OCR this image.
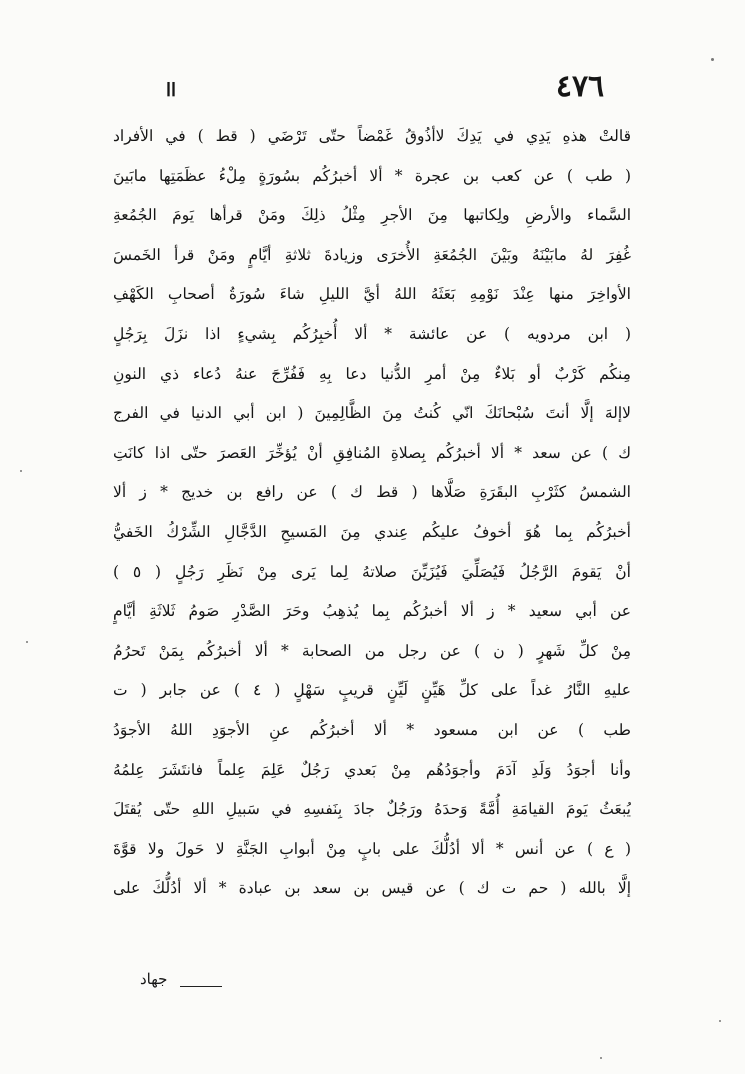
٤٧٦
اا
قالتْ هذهِ يَدِي في يَدِكَ لاأذُوقُ غَمْضاً حتّى تَرْضَي ( قط ) في الأفراد
( طب ) عن كعب بن عجرة * ألا أخبرُكُم بسُورَةٍ مِلْءُ عظَمَتِها مابَينَ
السَّماء والأرضِ ولِكاتبها مِنَ الأجرِ مِثْلُ ذلِكَ ومَنْ قرأها يَومَ الجُمُعةِ
غُفِرَ لهُ مابَيْنَهُ وبَيْنَ الجُمُعَةِ الأُخرَى وزيادةَ ثلاثةِ أيَّامٍ ومَنْ قرأ الخَمسَ
الأواخِرَ منها عِنْدَ نَوْمِهِ بَعَثَهُ اللهُ أيَّ الليلِ شاءَ سُورَةُ أصحابِ الكَهْفِ
( ابن مردويه ) عن عائشة * ألا أُخبِرُكُم بِشيءٍ اذا نزَلَ بِرَجُلٍ
مِنكُم كَرْبٌ أو بَلاءٌ مِنْ أمرِ الدُّنيا دعا بِهِ فَفُرِّجَ عنهُ دُعاء ذي النونِ
لاإلهَ إلَّا أنتَ سُبْحانَكَ انّي كُنتُ مِنَ الظَّالِمِينَ ( ابن أبي الدنيا في الفرج
ك ) عن سعد * ألا أخبرُكُم بِصلاةِ المُنافِقِ أنْ يُؤخِّرَ العَصرَ حتّى اذا كانَتِ
الشمسُ كثَرْبِ البقَرَةِ صَلَّاها ( قط ك ) عن رافع بن خديج * ز ألا
أخبرُكُم بِما هُوَ أخوفُ عليكُم عِندي مِنَ المَسيحِ الدَّجَّالِ الشِّرْكُ الخَفيُّ
أنْ يَقومَ الرَّجُلُ فَيُصَلِّيَ فَيُزَيِّنَ صلاتهُ لِما يَرى مِنْ نَظَرِ رَجُلٍ ( ٥ )
عن أبي سعيد * ز ألا أخبرُكُم بِما يُذهِبُ وحَرَ الصَّدْرِ صَومُ ثَلاثَةِ أيَّامٍ
مِنْ كلِّ شَهرٍ ( ن ) عن رجل من الصحابة * ألا أخبرُكُم بِمَنْ تَحرُمُ
عليهِ النَّارُ غداً على كلِّ هَيِّنٍ لَيِّنٍ قريبٍ سَهْلٍ ( ٤ ) عن جابر ( ت
طب ) عن ابن مسعود * ألا أخبرُكُم عنِ الأجوَدِ اللهُ الأجوَدُ
وأنا أجوَدُ وَلَدِ آدَمَ وأجوَدُهُم مِنْ بَعدي رَجُلٌ عَلِمَ عِلماً فانتَشَرَ عِلمُهُ
يُبعَثُ يَومَ القيامَةِ أُمَّةً وَحدَهُ ورَجُلٌ جادَ بِنَفسِهِ في سَبيلِ اللهِ حتّى يُقتَلَ
( ع ) عن أنس * ألا أدُلُّكَ على بابٍ مِنْ أبوابِ الجَنَّةِ لا حَولَ ولا قوَّةَ
إلَّا بالله ( حم ت ك ) عن قيس بن سعد بن عبادة * ألا أدُلُّكَ على
جهاد
